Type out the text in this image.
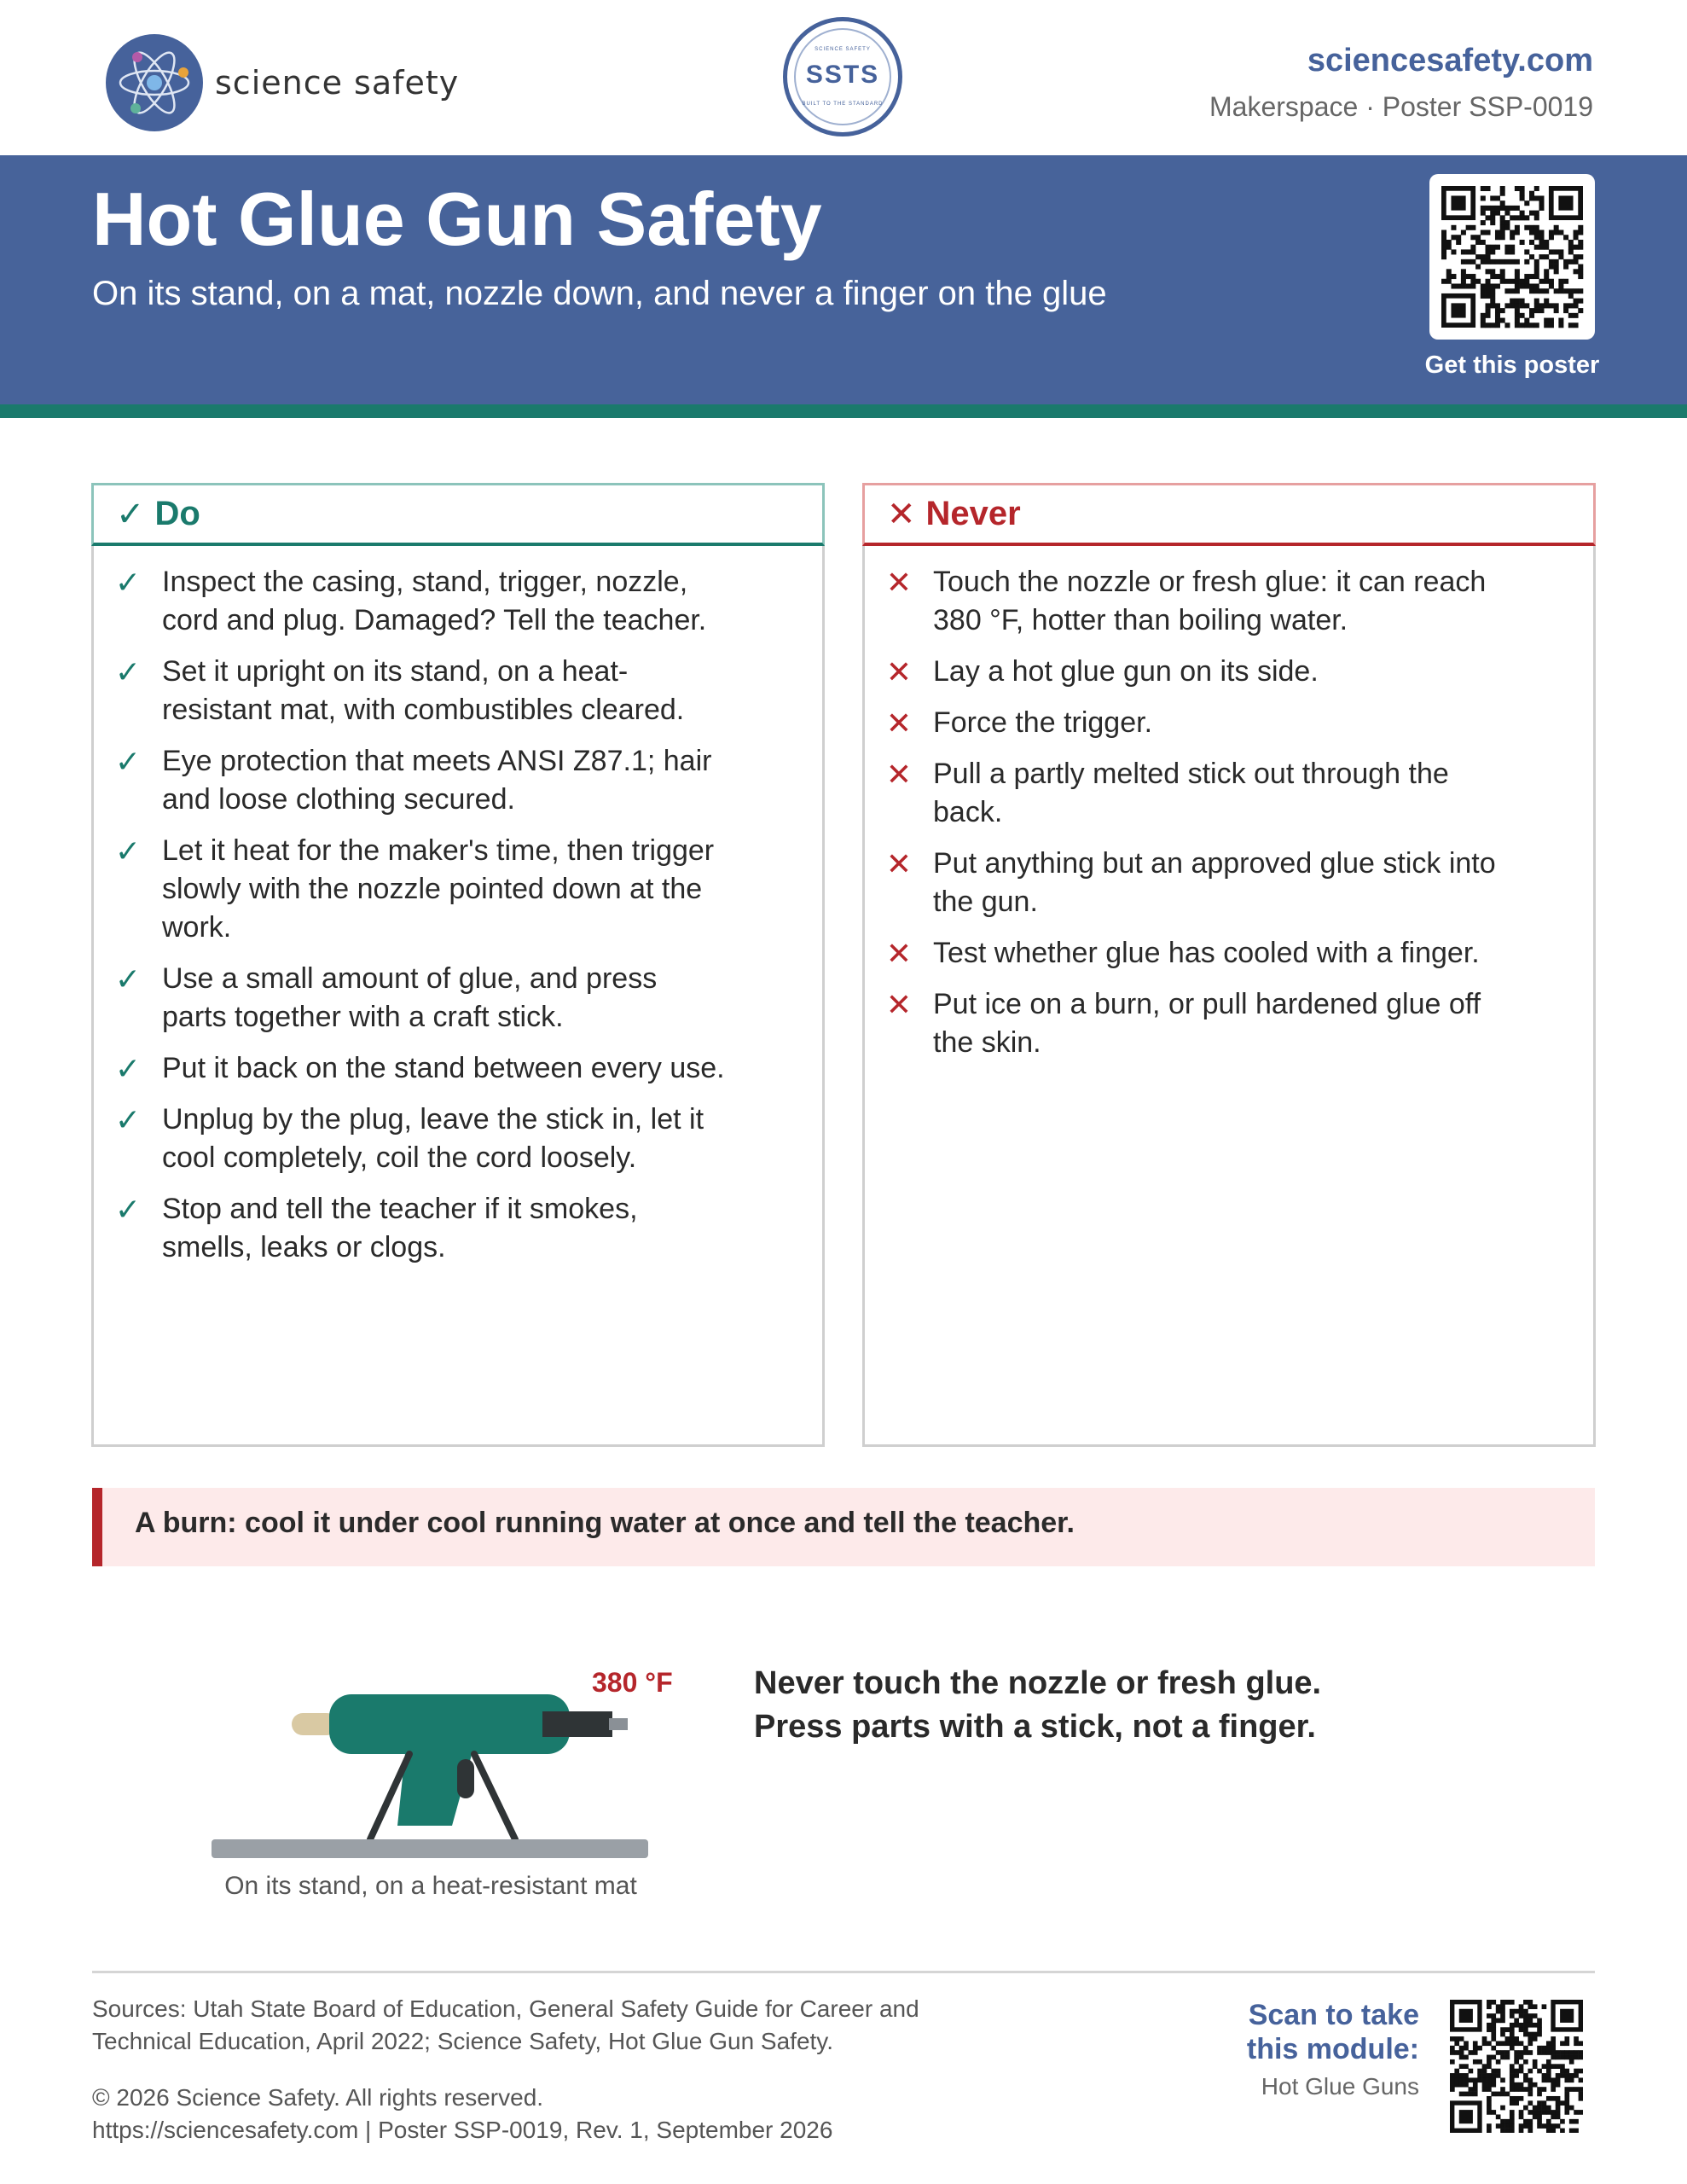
science safety
SCIENCE SAFETY
SSTS
BUILT TO THE STANDARD
sciencesafety.com
Makerspace · Poster SSP-0019
Hot Glue Gun Safety
On its stand, on a mat, nozzle down, and never a finger on the glue
Get this poster
✓ Do
✓ Inspect the casing, stand, trigger, nozzle, cord and plug. Damaged? Tell the teacher.
✓ Set it upright on its stand, on a heat-resistant mat, with combustibles cleared.
✓ Eye protection that meets ANSI Z87.1; hair and loose clothing secured.
✓ Let it heat for the maker's time, then trigger slowly with the nozzle pointed down at the work.
✓ Use a small amount of glue, and press parts together with a craft stick.
✓ Put it back on the stand between every use.
✓ Unplug by the plug, leave the stick in, let it cool completely, coil the cord loosely.
✓ Stop and tell the teacher if it smokes, smells, leaks or clogs.
✕ Never
✕ Touch the nozzle or fresh glue: it can reach 380 °F, hotter than boiling water.
✕ Lay a hot glue gun on its side.
✕ Force the trigger.
✕ Pull a partly melted stick out through the back.
✕ Put anything but an approved glue stick into the gun.
✕ Test whether glue has cooled with a finger.
✕ Put ice on a burn, or pull hardened glue off the skin.
A burn: cool it under cool running water at once and tell the teacher.
380 °F
On its stand, on a heat-resistant mat
Never touch the nozzle or fresh glue.
Press parts with a stick, not a finger.
Sources: Utah State Board of Education, General Safety Guide for Career and Technical Education, April 2022; Science Safety, Hot Glue Gun Safety.
© 2026 Science Safety. All rights reserved.
https://sciencesafety.com | Poster SSP-0019, Rev. 1, September 2026
Scan to take this module:
Hot Glue Guns
